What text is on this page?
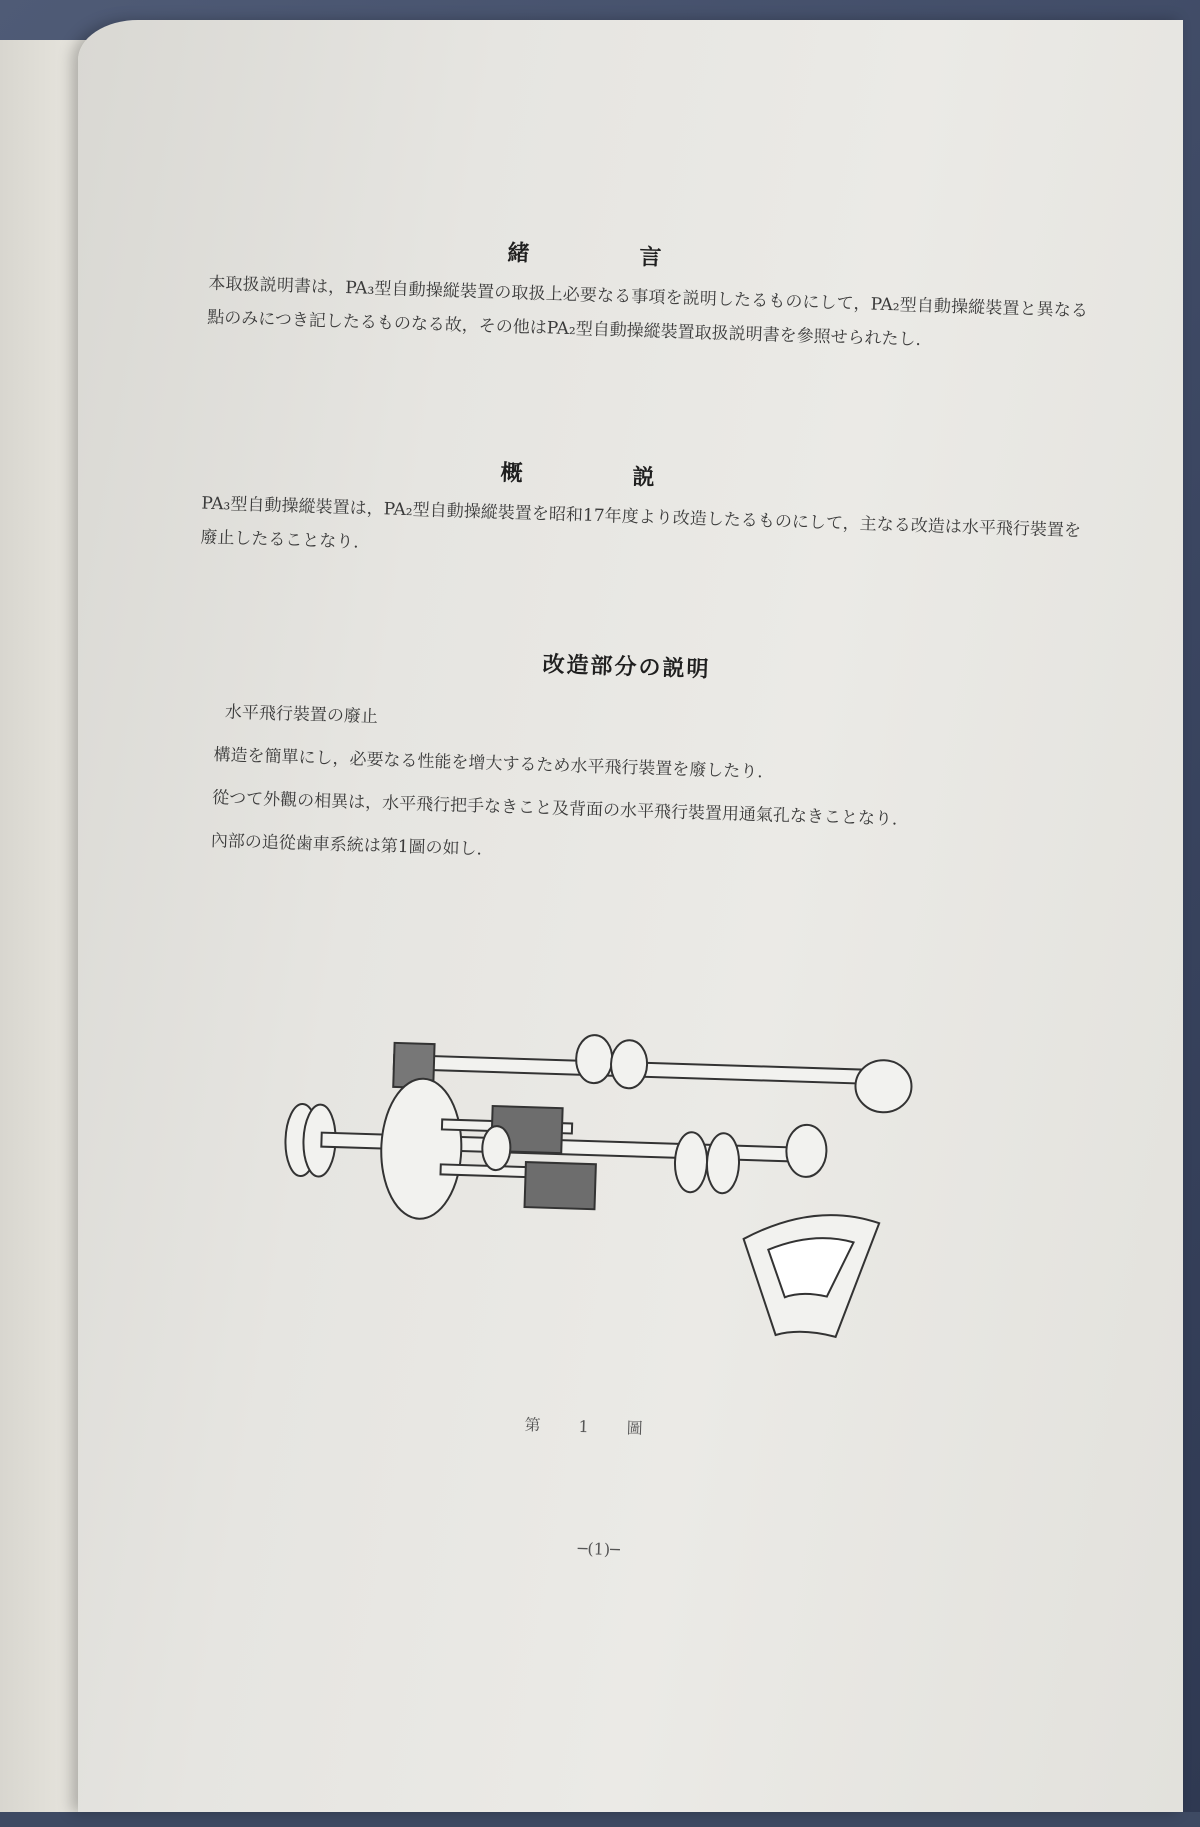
緒言
本取扱説明書は，PA₃型自動操縦裝置の取扱上必要なる事項を説明したるものにして，PA₂型自動操縱裝置と異なる點のみにつき記したるものなる故，その他はPA₂型自動操縱裝置取扱説明書を參照せられたし.
概説
PA₃型自動操縱裝置は，PA₂型自動操縱裝置を昭和17年度より改造したるものにして，主なる改造は水平飛行裝置を廢止したることなり.
改造部分の説明
水平飛行裝置の廢止
構造を簡單にし，必要なる性能を增大するため水平飛行裝置を廢したり.
從つて外觀の相異は，水平飛行把手なきこと及背面の水平飛行裝置用通氣孔なきことなり.
內部の追從歯車系統は第1圖の如し.
第1圖
─(1)─
